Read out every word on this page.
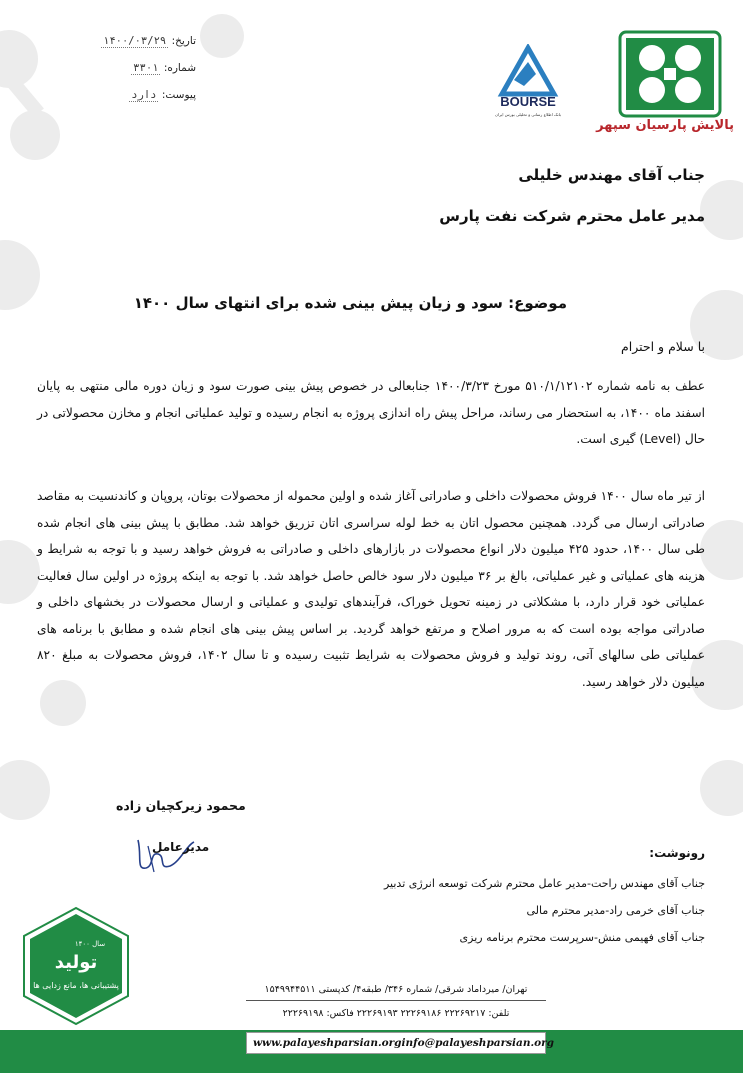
تاریخ: ۱۴۰۰/۰۳/۲۹
شماره: ۳۳۰۱
پیوست: دارد	BOURSE
بانک اطلاع رسانی و تحلیلی بورس ایران
پالایش پارسیان سپهر
جناب آقای مهندس خلیلی
مدیر عامل محترم شرکت نفت پارس
موضوع: سود و زیان پیش بینی شده برای انتهای سال ۱۴۰۰
با سلام و احترام
عطف به نامه شماره ۵۱۰/۱/۱۲۱۰۲ مورخ ۱۴۰۰/۳/۲۳ جنابعالی در خصوص پیش بینی صورت سود و زیان دوره مالی منتهی به پایان اسفند ماه ۱۴۰۰، به استحضار می رساند، مراحل پیش راه اندازی پروژه به انجام رسیده و تولید عملیاتی انجام و مخازن محصولاتی در حال (Level) گیری است.
از تیر ماه سال ۱۴۰۰ فروش محصولات داخلی و صادراتی آغاز شده و اولین محموله از محصولات بوتان، پروپان و کاندنسیت به مقاصد صادراتی ارسال می گردد. همچنین محصول اتان به خط لوله سراسری اتان تزریق خواهد شد. مطابق با پیش بینی های انجام شده طی سال ۱۴۰۰، حدود ۴۲۵ میلیون دلار انواع محصولات در بازارهای داخلی و صادراتی به فروش خواهد رسید و با توجه به شرایط و هزینه های عملیاتی و غیر عملیاتی، بالغ بر ۳۶ میلیون دلار سود خالص حاصل خواهد شد. با توجه به اینکه پروژه در اولین سال فعالیت عملیاتی خود قرار دارد، با مشکلاتی در زمینه تحویل خوراک، فرآیندهای تولیدی و عملیاتی و ارسال محصولات در بخشهای داخلی و صادراتی مواجه بوده است که به مرور اصلاح و مرتفع خواهد گردید. بر اساس پیش بینی های انجام شده و مطابق با برنامه های عملیاتی طی سالهای آتی، روند تولید و فروش محصولات به شرایط تثبیت رسیده و تا سال ۱۴۰۲، فروش محصولات به مبلغ ۸۲۰ میلیون دلار خواهد رسید.
محمود زیرکچیان زاده
مدیرعامل	رونوشت:
جناب آقای مهندس راحت-مدیر عامل محترم شرکت توسعه انرژی تدبیر
جناب آقای خرمی راد-مدیر محترم مالی
جناب آقای فهیمی منش-سرپرست محترم برنامه ریزی
سال ۱۴۰۰
تولید
پشتیبانی ها، مانع زدایی ها	تهران/ میرداماد شرقی/ شماره ۳۴۶/ طبقه۴/ کدپستی ۱۵۴۹۹۴۴۵۱۱
تلفن: ۲۲۲۶۹۲۱۷ ۲۲۲۶۹۱۸۶ ۲۲۲۶۹۱۹۳ فاکس: ۲۲۲۶۹۱۹۸
www.palayeshparsian.org info@palayeshparsian.org
